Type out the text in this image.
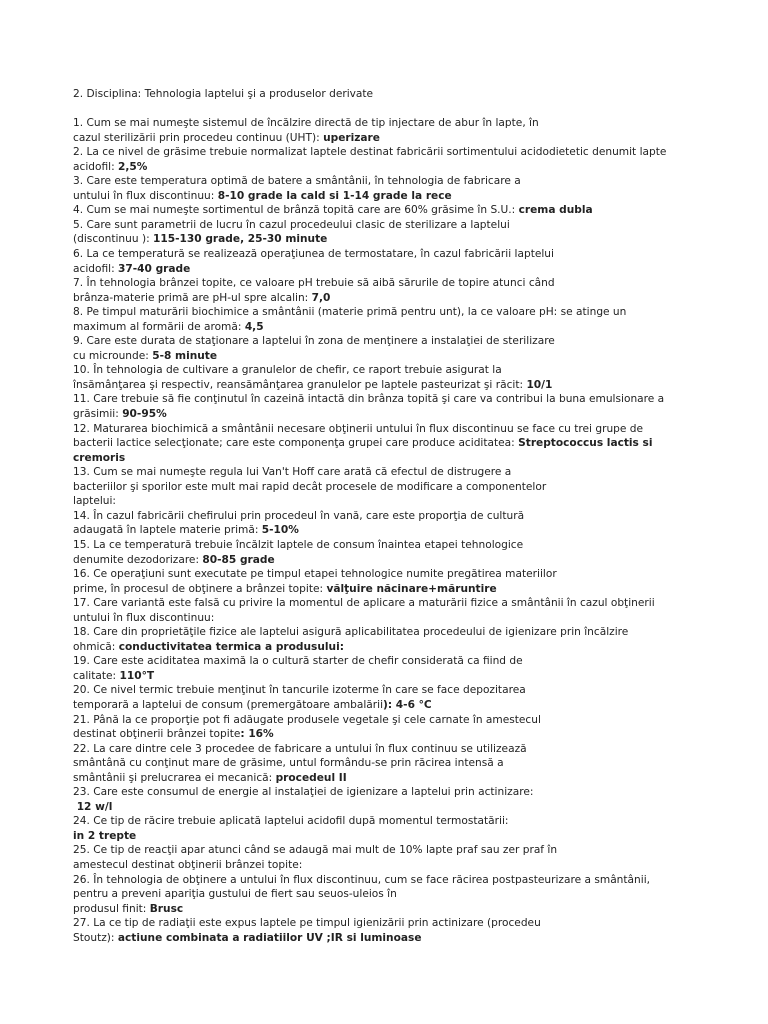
2. Disciplina: Tehnologia laptelui şi a produselor derivate

1. Cum se mai numeşte sistemul de încălzire directă de tip injectare de abur în lapte, în
cazul sterilizării prin procedeu continuu (UHT): uperizare
2. La ce nivel de grăsime trebuie normalizat laptele destinat fabricării sortimentului acidodietetic denumit lapte
acidofil: 2,5%
3. Care este temperatura optimă de batere a smântânii, în tehnologia de fabricare a
untului în flux discontinuu: 8-10 grade la cald si 1-14 grade la rece
4. Cum se mai numeşte sortimentul de brânză topită care are 60% grăsime în S.U.: crema dubla
5. Care sunt parametrii de lucru în cazul procedeului clasic de sterilizare a laptelui
(discontinuu ): 115-130 grade, 25-30 minute
6. La ce temperatură se realizează operaţiunea de termostatare, în cazul fabricării laptelui
acidofil: 37-40 grade
7. În tehnologia brânzei topite, ce valoare pH trebuie să aibă sărurile de topire atunci când
brânza-materie primă are pH-ul spre alcalin: 7,0
8. Pe timpul maturării biochimice a smântânii (materie primă pentru unt), la ce valoare pH: se atinge un
maximum al formării de aromă: 4,5
9. Care este durata de staţionare a laptelui în zona de menţinere a instalaţiei de sterilizare
cu microunde: 5-8 minute
10. În tehnologia de cultivare a granulelor de chefir, ce raport trebuie asigurat la
însămânţarea şi respectiv, reansămânţarea granulelor pe laptele pasteurizat şi răcit: 10/1
11. Care trebuie să fie conţinutul în cazeină intactă din brânza topită şi care va contribui la buna emulsionare a
grăsimii: 90-95%
12. Maturarea biochimică a smântânii necesare obţinerii untului în flux discontinuu se face cu trei grupe de
bacterii lactice selecţionate; care este componenţa grupei care produce aciditatea: Streptococcus lactis si
cremoris
13. Cum se mai numeşte regula lui Van't Hoff care arată că efectul de distrugere a
bacteriilor şi sporilor este mult mai rapid decât procesele de modificare a componentelor
laptelui:
14. În cazul fabricării chefirului prin procedeul în vană, care este proporţia de cultură
adaugată în laptele materie primă: 5-10%
15. La ce temperatură trebuie încălzit laptele de consum înaintea etapei tehnologice
denumite dezodorizare: 80-85 grade
16. Ce operaţiuni sunt executate pe timpul etapei tehnologice numite pregătirea materiilor
prime, în procesul de obţinere a brânzei topite: vălţuire năcinare+măruntire
17. Care variantă este falsă cu privire la momentul de aplicare a maturării fizice a smântânii în cazul obţinerii
untului în flux discontinuu:
18. Care din proprietăţile fizice ale laptelui asigură aplicabilitatea procedeului de igienizare prin încălzire
ohmică: conductivitatea termica a produsului:
19. Care este aciditatea maximă la o cultură starter de chefir considerată ca fiind de
calitate: 110°T
20. Ce nivel termic trebuie menţinut în tancurile izoterme în care se face depozitarea
temporară a laptelui de consum (premergătoare ambalării): 4-6 °C
21. Până la ce proporţie pot fi adăugate produsele vegetale şi cele carnate în amestecul
destinat obţinerii brânzei topite: 16%
22. La care dintre cele 3 procedee de fabricare a untului în flux continuu se utilizează
smântână cu conţinut mare de grăsime, untul formându-se prin răcirea intensă a
smântânii şi prelucrarea ei mecanică: procedeul II
23. Care este consumul de energie al instalaţiei de igienizare a laptelui prin actinizare:
12 w/l
24. Ce tip de răcire trebuie aplicată laptelui acidofil după momentul termostatării:
in 2 trepte
25. Ce tip de reacţii apar atunci când se adaugă mai mult de 10% lapte praf sau zer praf în
amestecul destinat obţinerii brânzei topite:
26. În tehnologia de obţinere a untului în flux discontinuu, cum se face răcirea postpasteurizare a smântânii,
pentru a preveni apariţia gustului de fiert sau seuos-uleios în
produsul finit: Brusc
27. La ce tip de radiaţii este expus laptele pe timpul igienizării prin actinizare (procedeu
Stoutz): actiune combinata a radiatiilor UV ;IR si luminoase
